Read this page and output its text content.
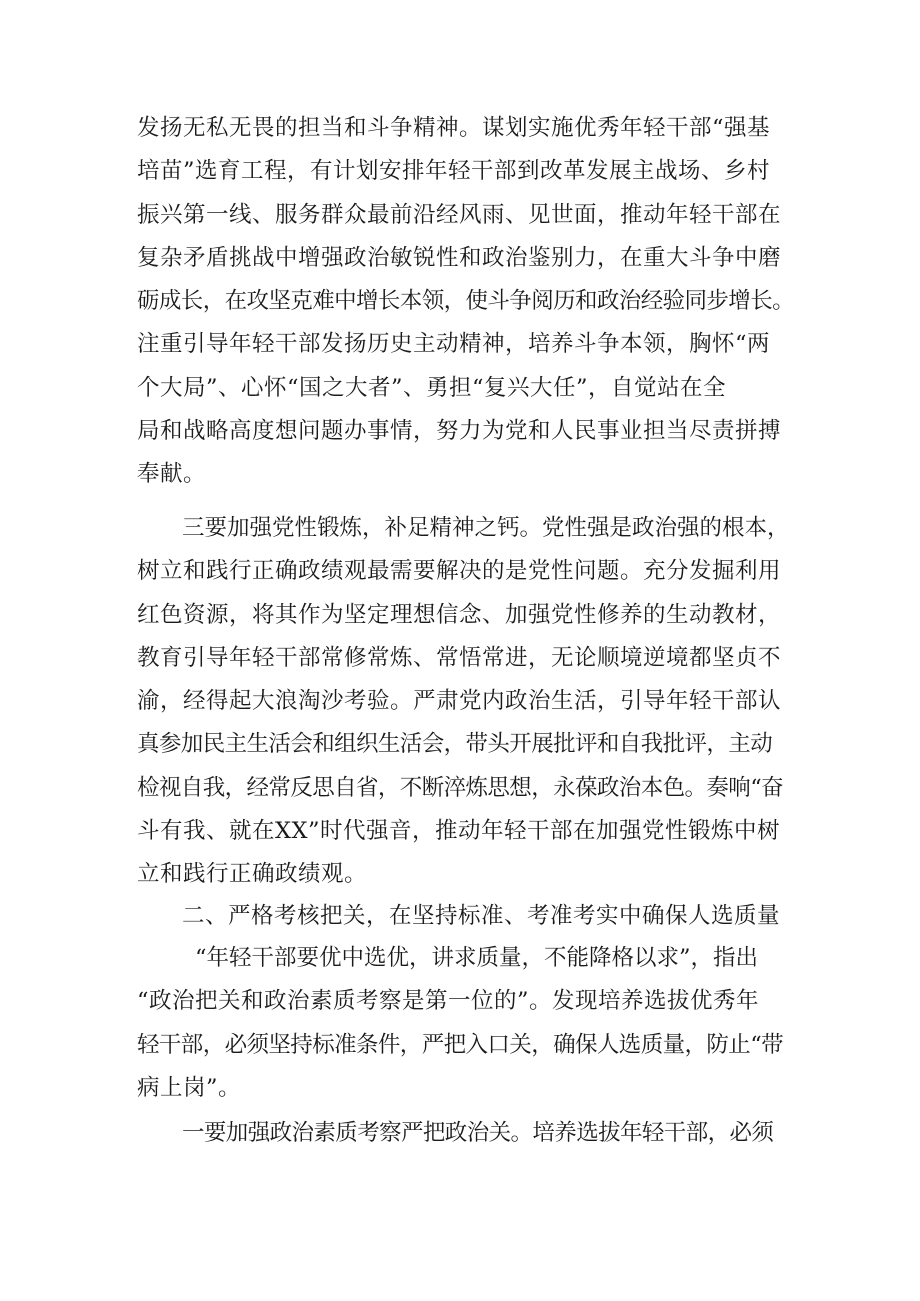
发扬无私无畏的担当和斗争精神。谋划实施优秀年轻干部“强基
培苗”选育工程，有计划安排年轻干部到改革发展主战场、乡村
振兴第一线、服务群众最前沿经风雨、见世面，推动年轻干部在
复杂矛盾挑战中增强政治敏锐性和政治鉴别力，在重大斗争中磨
砺成长，在攻坚克难中增长本领，使斗争阅历和政治经验同步增长。
注重引导年轻干部发扬历史主动精神，培养斗争本领，胸怀“两
个大局”、心怀“国之大者”、勇担“复兴大任”，自觉站在全
局和战略高度想问题办事情，努力为党和人民事业担当尽责拼搏
奉献。
三要加强党性锻炼，补足精神之钙。党性强是政治强的根本，
树立和践行正确政绩观最需要解决的是党性问题。充分发掘利用
红色资源，将其作为坚定理想信念、加强党性修养的生动教材，
教育引导年轻干部常修常炼、常悟常进，无论顺境逆境都坚贞不
渝，经得起大浪淘沙考验。严肃党内政治生活，引导年轻干部认
真参加民主生活会和组织生活会，带头开展批评和自我批评，主动
检视自我，经常反思自省，不断淬炼思想，永葆政治本色。奏响“奋
斗有我、就在XX”时代强音，推动年轻干部在加强党性锻炼中树
立和践行正确政绩观。
二、严格考核把关，在坚持标准、考准考实中确保人选质量
“年轻干部要优中选优，讲求质量，不能降格以求”，指出
“政治把关和政治素质考察是第一位的”。发现培养选拔优秀年
轻干部，必须坚持标准条件，严把入口关，确保人选质量，防止“带
病上岗”。
一要加强政治素质考察严把政治关。培养选拔年轻干部，必须
